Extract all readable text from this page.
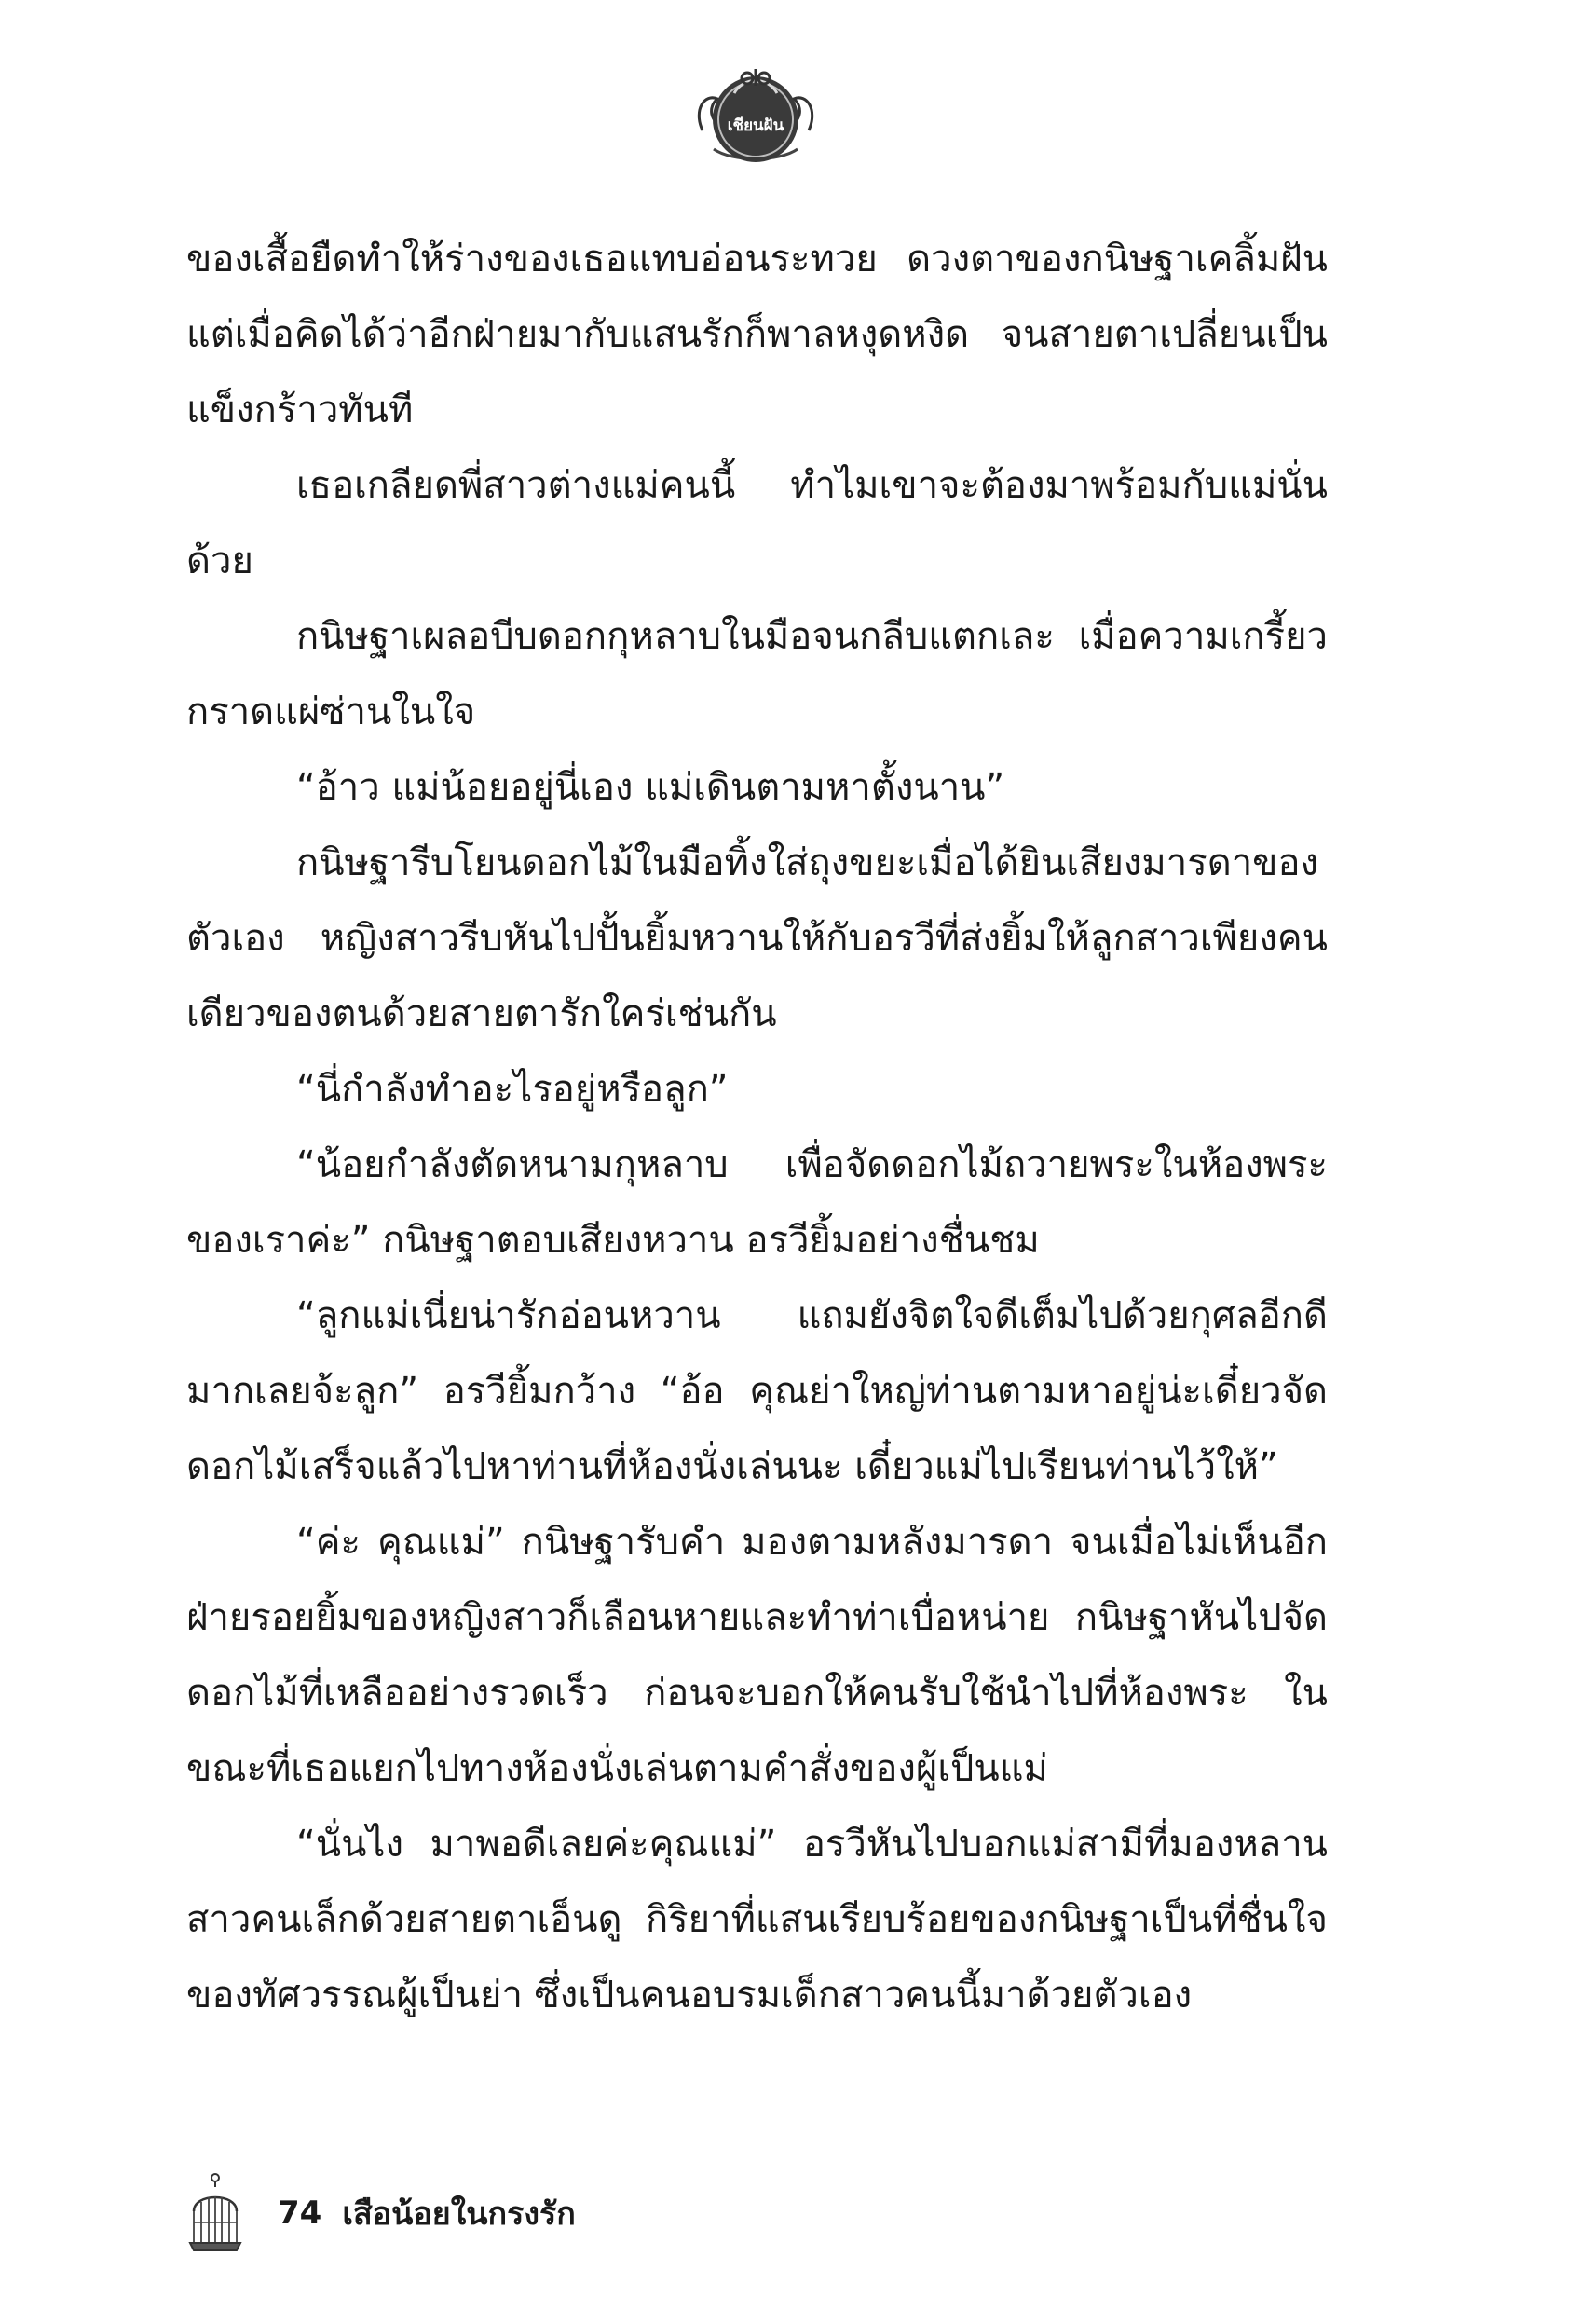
เชียนฝัน

ของเสื้อยืดทำให้ร่างของเธอแทบอ่อนระทวย ดวงตาของกนิษฐาเคลิ้มฝัน แต่เมื่อคิดได้ว่าอีกฝ่ายมากับแสนรักก็พาลหงุดหงิด จนสายตาเปลี่ยนเป็นแข็งกร้าวทันที

เธอเกลียดพี่สาวต่างแม่คนนี้ ทำไมเขาจะต้องมาพร้อมกับแม่นั่นด้วย

กนิษฐาเผลอบีบดอกกุหลาบในมือจนกลีบแตกเละ เมื่อความเกรี้ยวกราดแผ่ซ่านในใจ

“อ้าว แม่น้อยอยู่นี่เอง แม่เดินตามหาตั้งนาน”

กนิษฐารีบโยนดอกไม้ในมือทิ้งใส่ถุงขยะเมื่อได้ยินเสียงมารดาของตัวเอง หญิงสาวรีบหันไปปั้นยิ้มหวานให้กับอรวีที่ส่งยิ้มให้ลูกสาวเพียงคนเดียวของตนด้วยสายตารักใคร่เช่นกัน

“นี่กำลังทำอะไรอยู่หรือลูก”

“น้อยกำลังตัดหนามกุหลาบ เพื่อจัดดอกไม้ถวายพระในห้องพระของเราค่ะ” กนิษฐาตอบเสียงหวาน อรวียิ้มอย่างชื่นชม

“ลูกแม่เนี่ยน่ารักอ่อนหวาน แถมยังจิตใจดีเต็มไปด้วยกุศลอีกดีมากเลยจ้ะลูก” อรวียิ้มกว้าง “อ้อ คุณย่าใหญ่ท่านตามหาอยู่น่ะเดี๋ยวจัดดอกไม้เสร็จแล้วไปหาท่านที่ห้องนั่งเล่นนะ เดี๋ยวแม่ไปเรียนท่านไว้ให้”

“ค่ะ คุณแม่” กนิษฐารับคำ มองตามหลังมารดา จนเมื่อไม่เห็นอีกฝ่ายรอยยิ้มของหญิงสาวก็เลือนหายและทำท่าเบื่อหน่าย กนิษฐาหันไปจัดดอกไม้ที่เหลืออย่างรวดเร็ว ก่อนจะบอกให้คนรับใช้นำไปที่ห้องพระ ในขณะที่เธอแยกไปทางห้องนั่งเล่นตามคำสั่งของผู้เป็นแม่

“นั่นไง มาพอดีเลยค่ะคุณแม่” อรวีหันไปบอกแม่สามีที่มองหลานสาวคนเล็กด้วยสายตาเอ็นดู กิริยาที่แสนเรียบร้อยของกนิษฐาเป็นที่ชื่นใจของทัศวรรณผู้เป็นย่า ซึ่งเป็นคนอบรมเด็กสาวคนนี้มาด้วยตัวเอง

74 เสือน้อยในกรงรัก
